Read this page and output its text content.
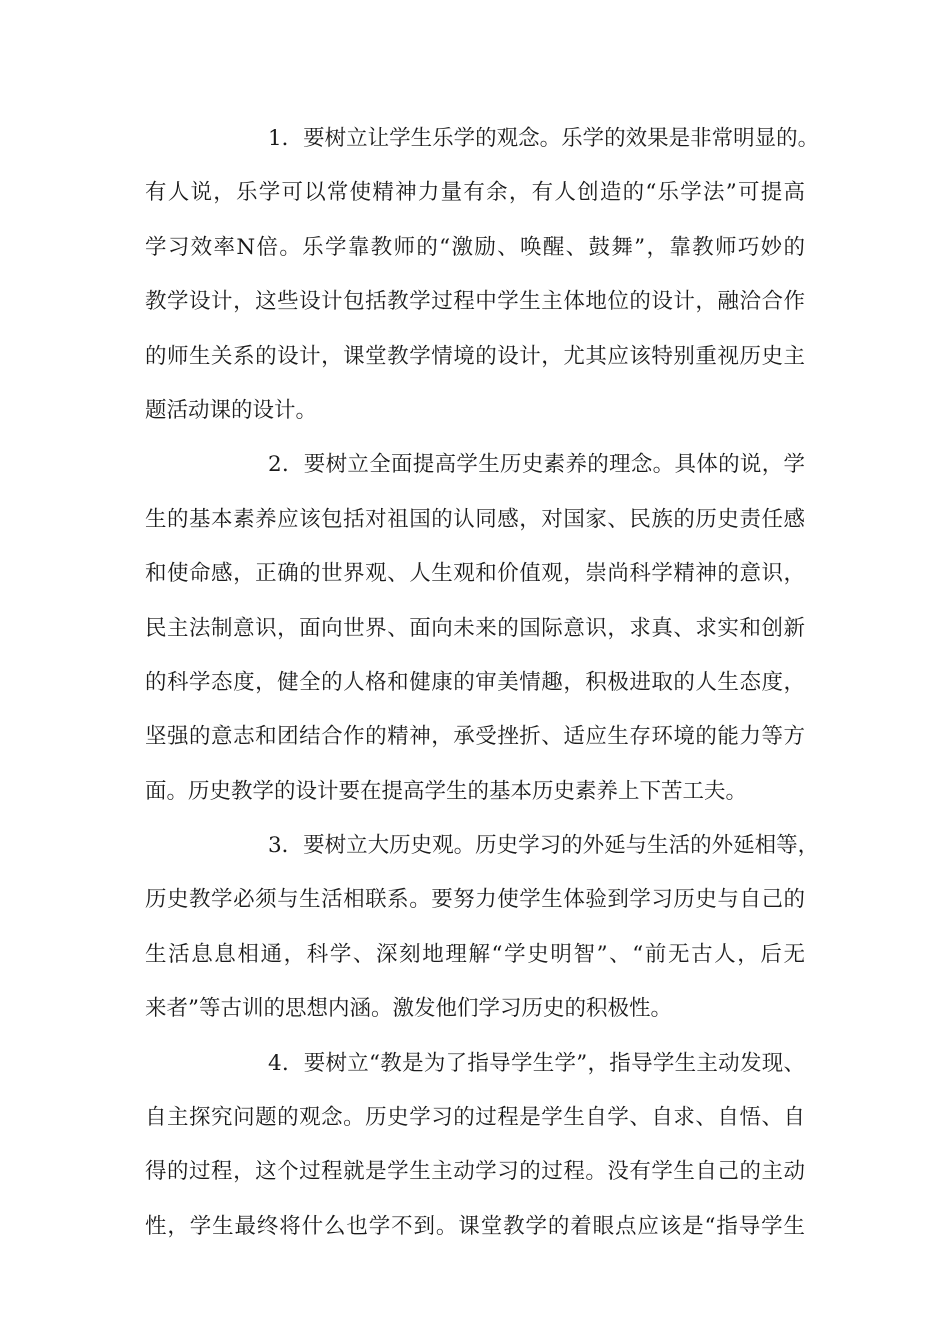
1．要树立让学生乐学的观念。乐学的效果是非常明显的。
有人说，乐学可以常使精神力量有余，有人创造的“乐学法”可提高
学习效率N倍。乐学靠教师的“激励、唤醒、鼓舞”，靠教师巧妙的
教学设计，这些设计包括教学过程中学生主体地位的设计，融洽合作
的师生关系的设计，课堂教学情境的设计，尤其应该特别重视历史主
题活动课的设计。
2．要树立全面提高学生历史素养的理念。具体的说，学
生的基本素养应该包括对祖国的认同感，对国家、民族的历史责任感
和使命感，正确的世界观、人生观和价值观，崇尚科学精神的意识，
民主法制意识，面向世界、面向未来的国际意识，求真、求实和创新
的科学态度，健全的人格和健康的审美情趣，积极进取的人生态度，
坚强的意志和团结合作的精神，承受挫折、适应生存环境的能力等方
面。历史教学的设计要在提高学生的基本历史素养上下苦工夫。
3．要树立大历史观。历史学习的外延与生活的外延相等，
历史教学必须与生活相联系。要努力使学生体验到学习历史与自己的
生活息息相通，科学、深刻地理解“学史明智”、“前无古人，后无
来者”等古训的思想内涵。激发他们学习历史的积极性。
4．要树立“教是为了指导学生学”，指导学生主动发现、
自主探究问题的观念。历史学习的过程是学生自学、自求、自悟、自
得的过程，这个过程就是学生主动学习的过程。没有学生自己的主动
性，学生最终将什么也学不到。课堂教学的着眼点应该是“指导学生
